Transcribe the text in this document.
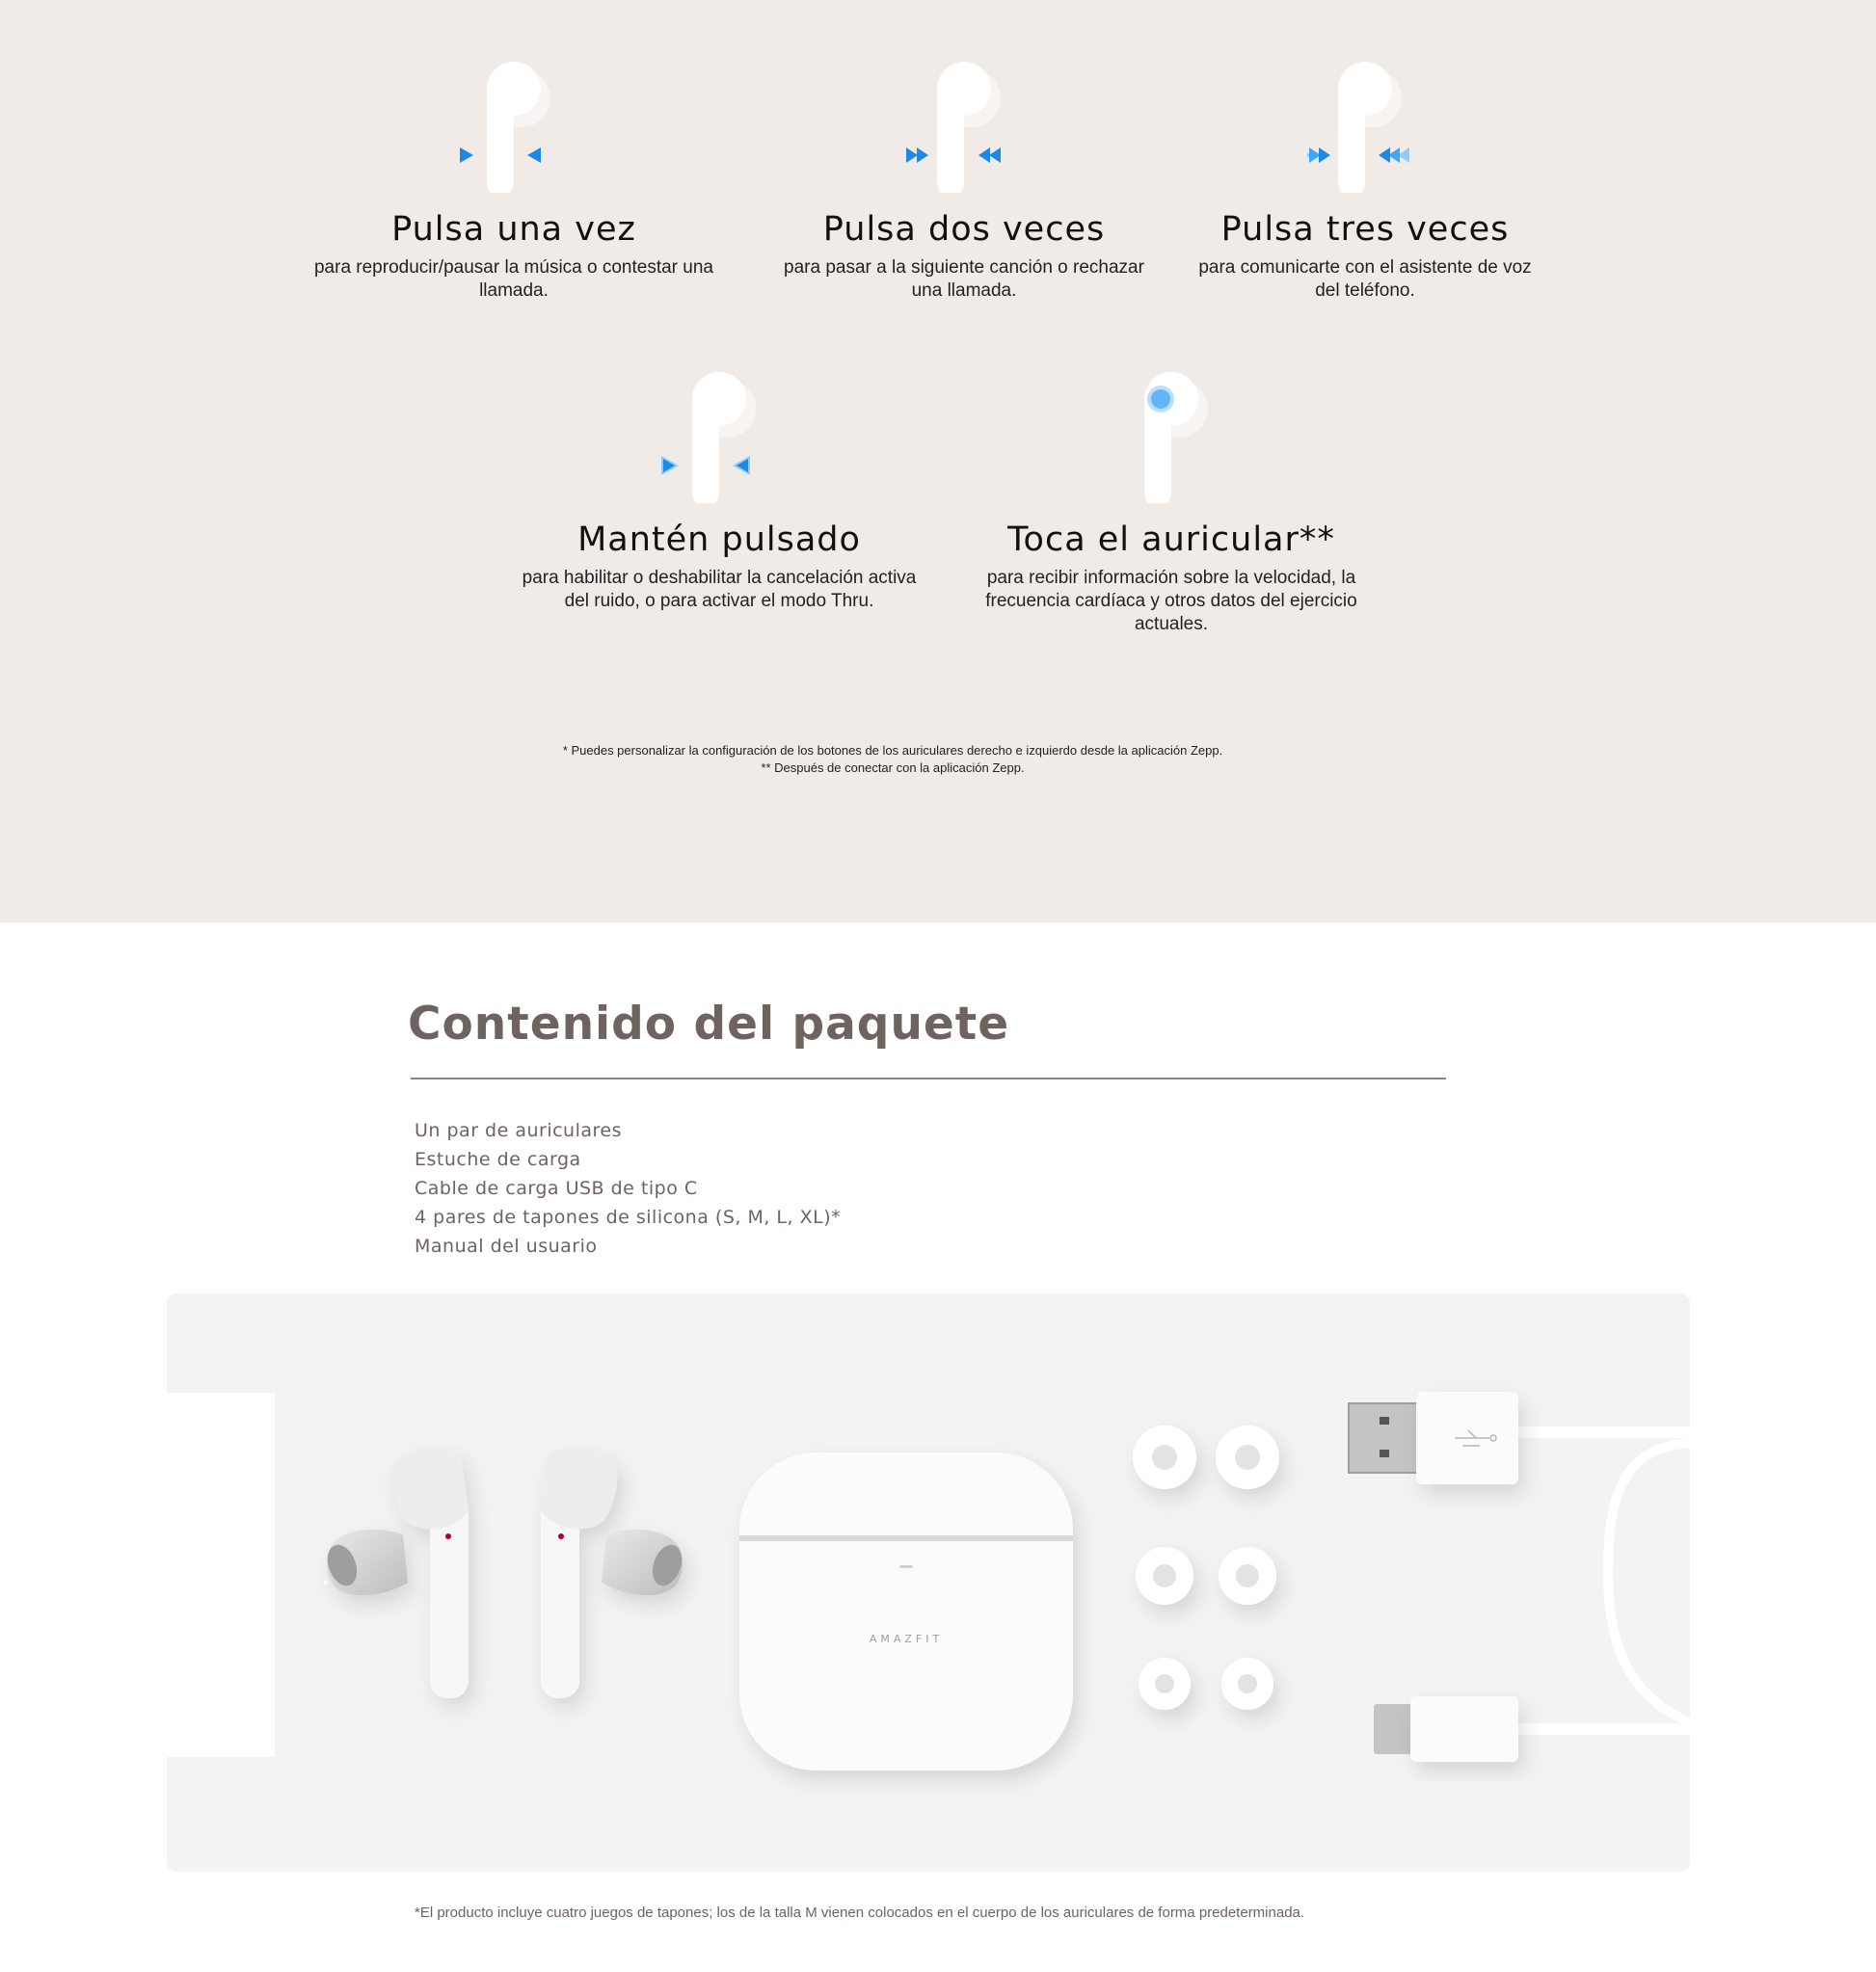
Pulsa una vez

para reproducir/pausar la música o contestar una
llamada.

Pulsa dos veces

para pasar a la siguiente canción o rechazar
una llamada.

Pulsa tres veces

para comunicarte con el asistente de voz
del teléfono.

Mantén pulsado

para habilitar o deshabilitar la cancelación activa
del ruido, o para activar el modo Thru.

Toca el auricular**

para recibir información sobre la velocidad, la
frecuencia cardíaca y otros datos del ejercicio
actuales.

* Puedes personalizar la configuración de los botones de los auriculares derecho e izquierdo desde la aplicación Zepp.
** Después de conectar con la aplicación Zepp.
Contenido del paquete
Un par de auriculares
Estuche de carga
Cable de carga USB de tipo C
4 pares de tapones de silicona (S, M, L, XL)*
Manual del usuario
AMAZFIT
*El producto incluye cuatro juegos de tapones; los de la talla M vienen colocados en el cuerpo de los auriculares de forma predeterminada.
